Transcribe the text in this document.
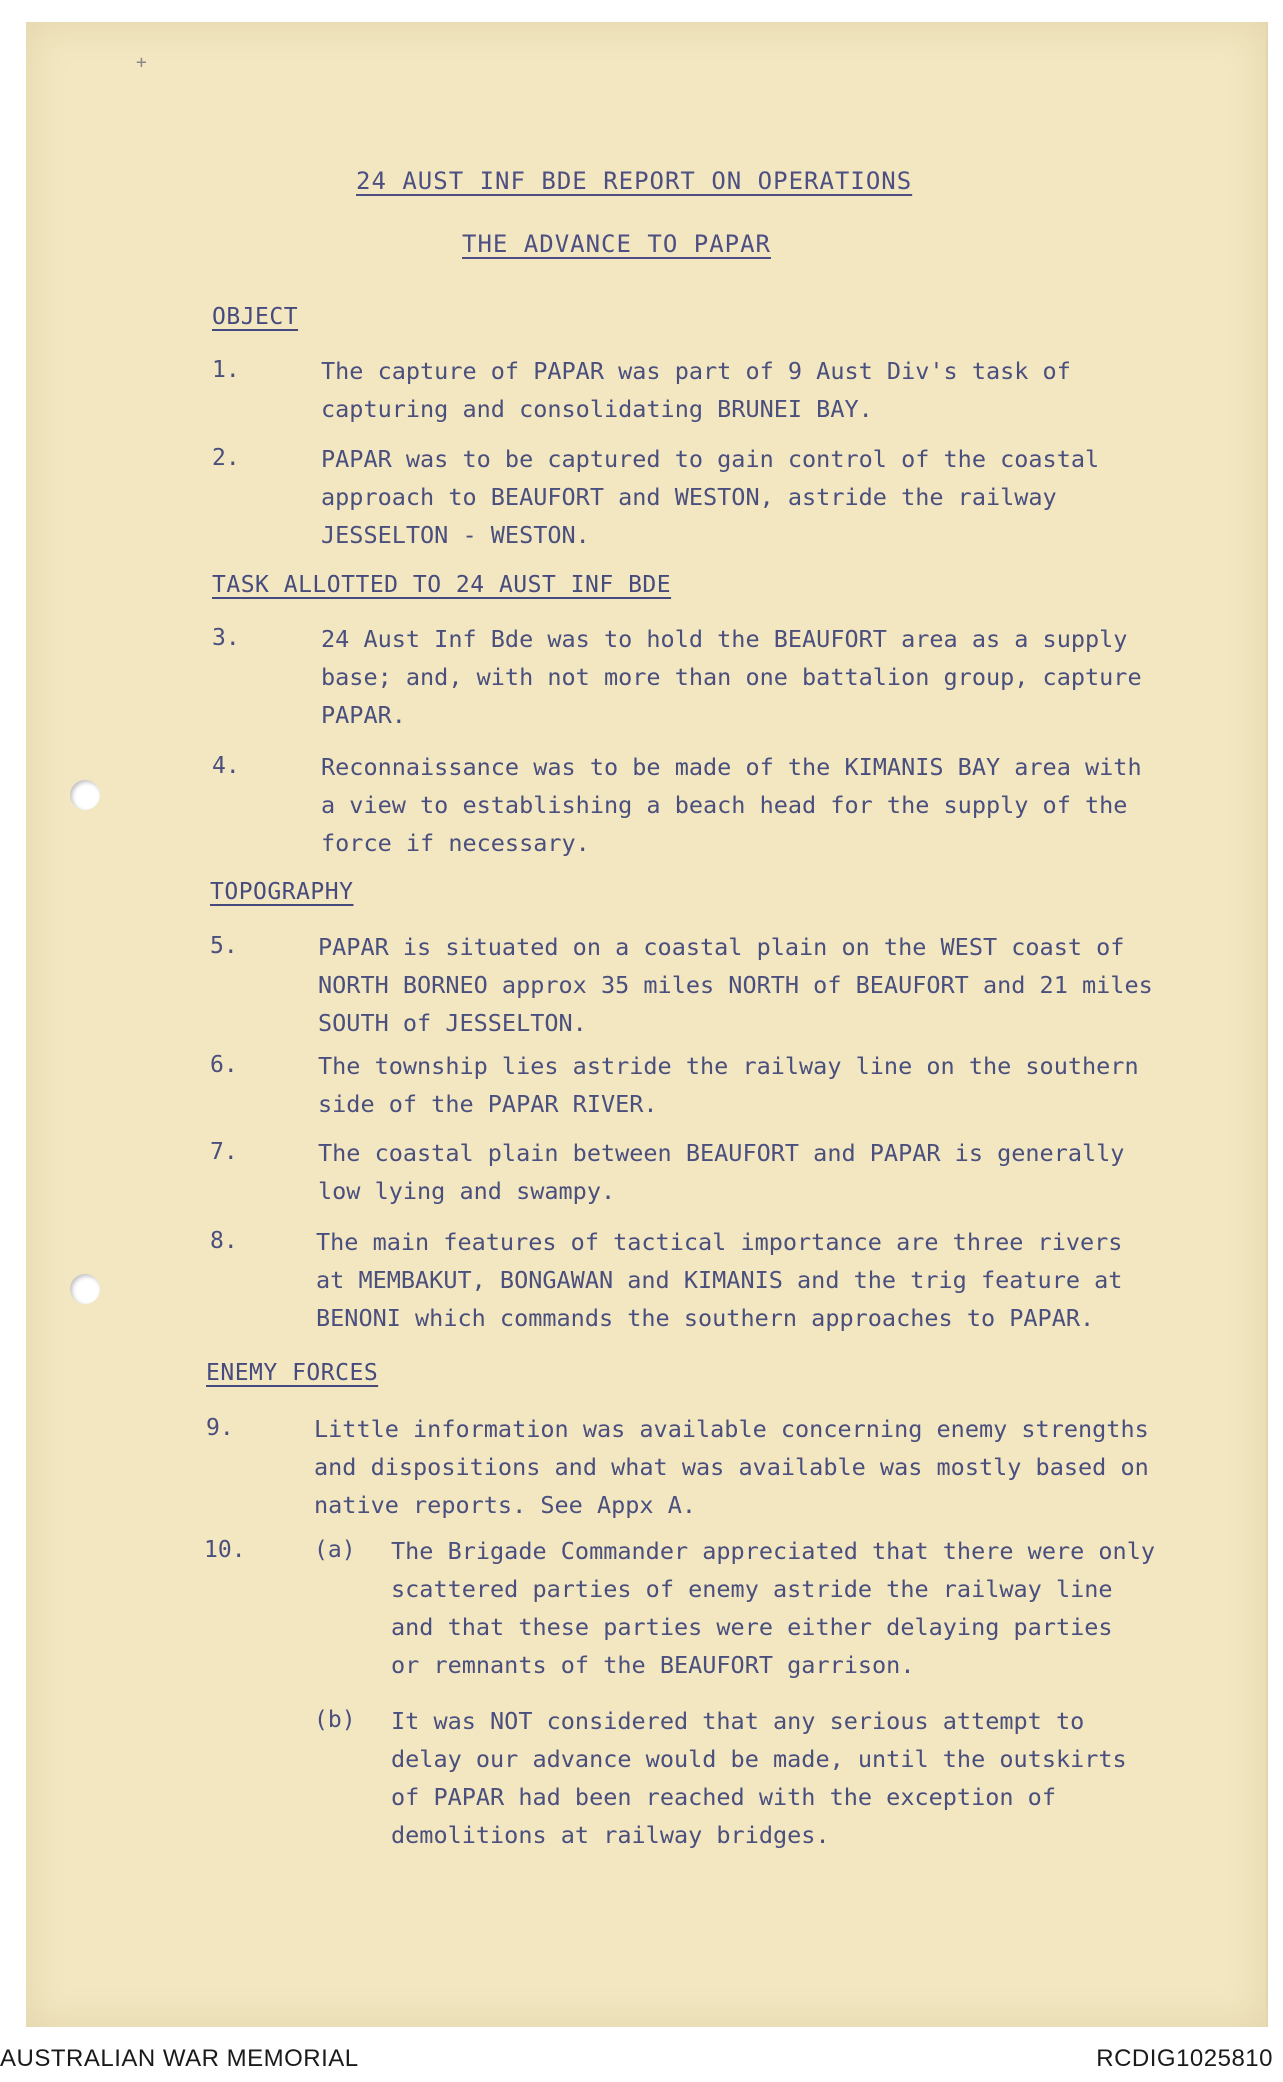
+
24 AUST INF BDE REPORT ON OPERATIONS
THE ADVANCE TO PAPAR
OBJECT
1.	The capture of PAPAR was part of 9 Aust Div's task of
capturing and consolidating BRUNEI BAY.
2.	PAPAR was to be captured to gain control of the coastal
approach to BEAUFORT and WESTON, astride the railway
JESSELTON - WESTON.
TASK ALLOTTED TO 24 AUST INF BDE
3.	24 Aust Inf Bde was to hold the BEAUFORT area as a supply
base; and, with not more than one battalion group, capture
PAPAR.
4.	Reconnaissance was to be made of the KIMANIS BAY area with
a view to establishing a beach head for the supply of the
force if necessary.
TOPOGRAPHY
5.	PAPAR is situated on a coastal plain on the WEST coast of
NORTH BORNEO approx 35 miles NORTH of BEAUFORT and 21 miles
SOUTH of JESSELTON.
6.	The township lies astride the railway line on the southern
side of the PAPAR RIVER.
7.	The coastal plain between BEAUFORT and PAPAR is generally
low lying and swampy.
8.	The main features of tactical importance are three rivers
at MEMBAKUT, BONGAWAN and KIMANIS and the trig feature at
BENONI which commands the southern approaches to PAPAR.
ENEMY FORCES
9.	Little information was available concerning enemy strengths
and dispositions and what was available was mostly based on
native reports. See Appx A.
10.	(a) The Brigade Commander appreciated that there were only
scattered parties of enemy astride the railway line
and that these parties were either delaying parties
or remnants of the BEAUFORT garrison.
(b) It was NOT considered that any serious attempt to
delay our advance would be made, until the outskirts
of PAPAR had been reached with the exception of
demolitions at railway bridges.
AUSTRALIAN WAR MEMORIAL	RCDIG1025810
